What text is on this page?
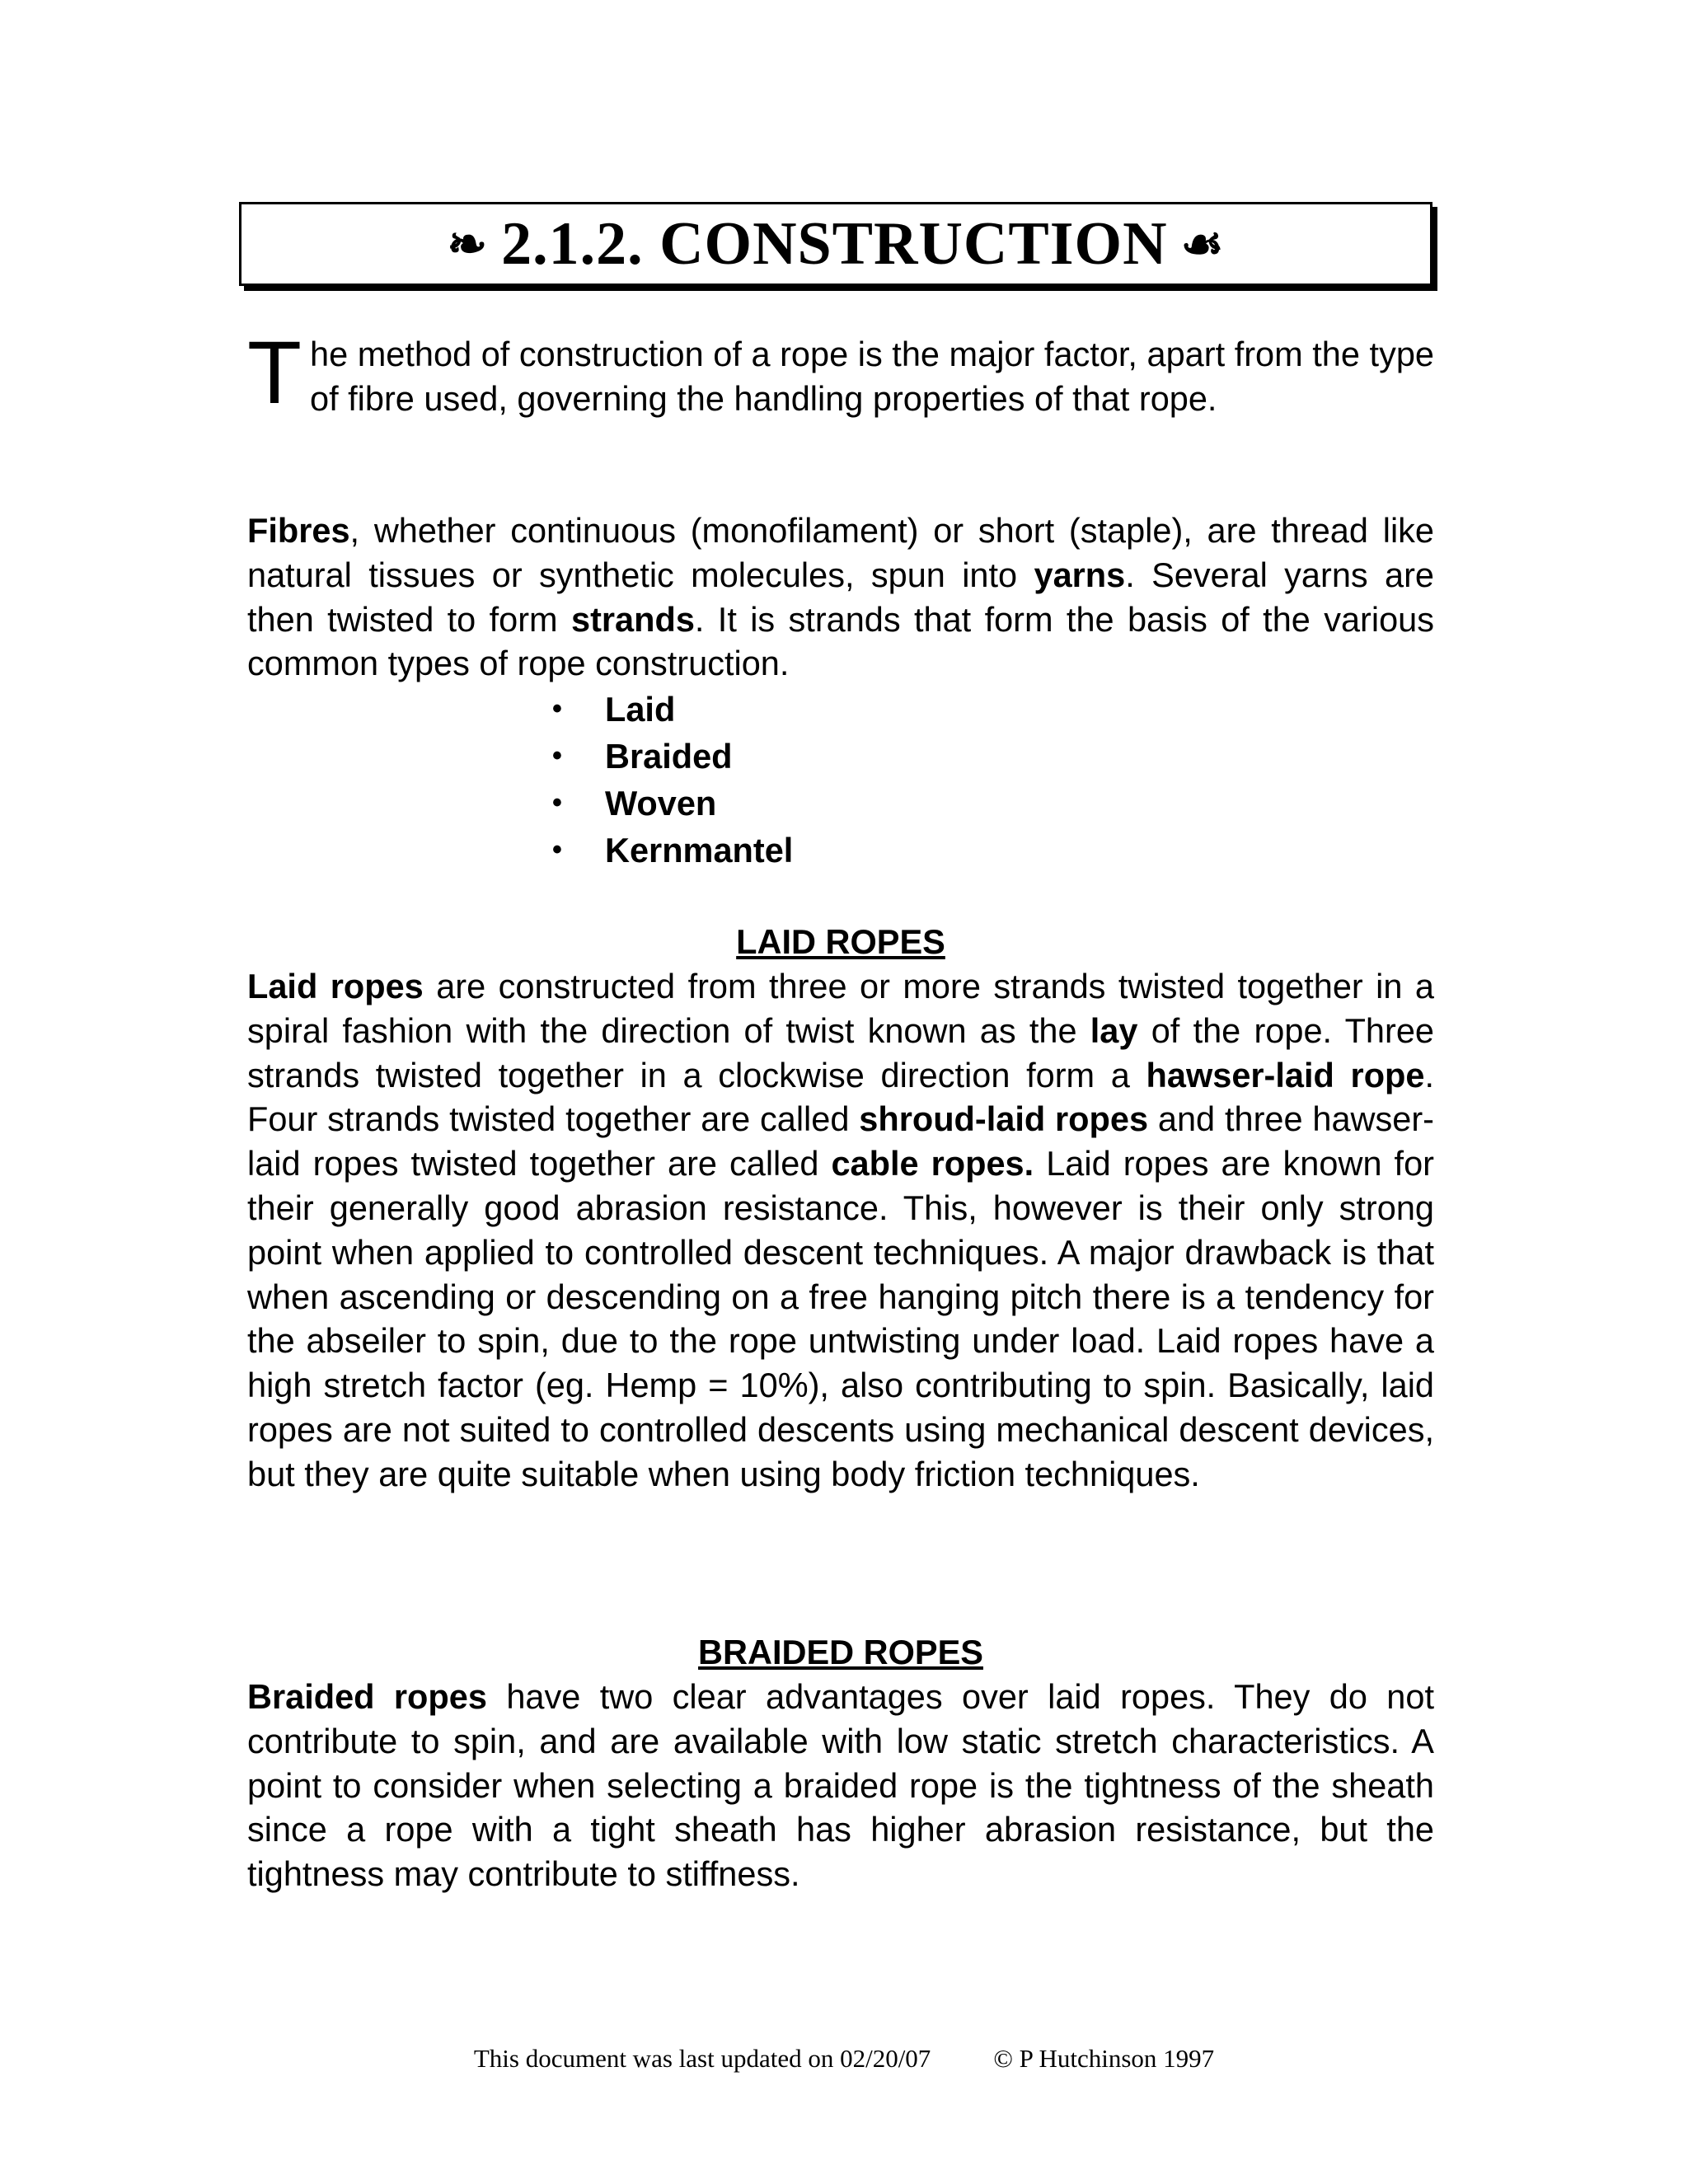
❧ 2.1.2. CONSTRUCTION ☙
The method of construction of a rope is the major factor, apart from the type of fibre used, governing the handling properties of that rope.
Fibres, whether continuous (monofilament) or short (staple), are thread like natural tissues or synthetic molecules, spun into yarns. Several yarns are then twisted to form strands. It is strands that form the basis of the various common types of rope construction.
•	Laid
•	Braided
•	Woven
•	Kernmantel
LAID ROPES
Laid ropes are constructed from three or more strands twisted together in a spiral fashion with the direction of twist known as the lay of the rope. Three strands twisted together in a clockwise direction form a hawser-laid rope. Four strands twisted together are called shroud-laid ropes and three hawser-laid ropes twisted together are called cable ropes. Laid ropes are known for their generally good abrasion resistance. This, however is their only strong point when applied to controlled descent techniques. A major drawback is that when ascending or descending on a free hanging pitch there is a tendency for the abseiler to spin, due to the rope untwisting under load. Laid ropes have a high stretch factor (eg. Hemp = 10%), also contributing to spin. Basically, laid ropes are not suited to controlled descents using mechanical descent devices, but they are quite suitable when using body friction techniques.
BRAIDED ROPES
Braided ropes have two clear advantages over laid ropes. They do not contribute to spin, and are available with low static stretch characteristics. A point to consider when selecting a braided rope is the tightness of the sheath since a rope with a tight sheath has higher abrasion resistance, but the tightness may contribute to stiffness.
This document was last updated on 02/20/07 © P Hutchinson 1997
